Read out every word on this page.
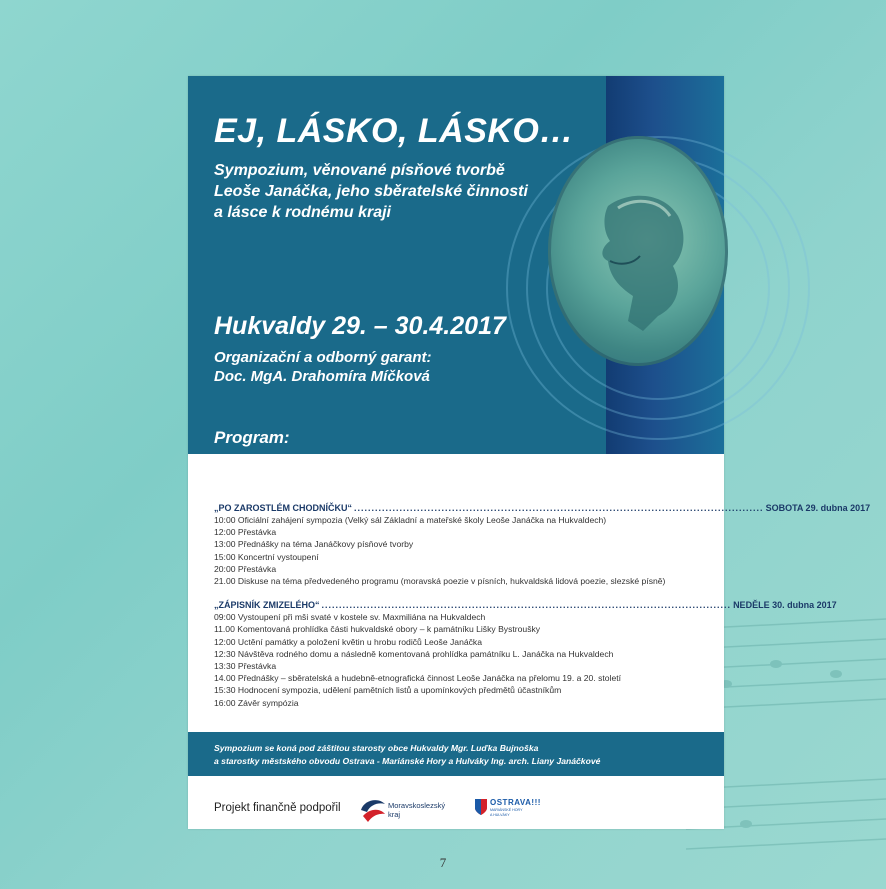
EJ, LÁSKO, LÁSKO…
Sympozium, věnované písňové tvorbě
Leoše Janáčka, jeho sběratelské činnosti
a lásce k rodnému kraji
Hukvaldy 29. – 30.4.2017
Organizační a odborný garant:
Doc. MgA. Drahomíra Míčková
Program:
„PO ZAROSTLÉM CHODNÍČKU“ ..................................................................................................................... SOBOTA 29. dubna 2017
10:00 Oficiální zahájení sympozia (Velký sál Základní a mateřské školy Leoše Janáčka na Hukvaldech)
12:00 Přestávka
13:00 Přednášky na téma Janáčkovy písňové tvorby
15:00 Koncertní vystoupení
20:00 Přestávka
21.00 Diskuse na téma předvedeného programu (moravská poezie v písních, hukvaldská lidová poezie, slezské písně)
„ZÁPISNÍK ZMIZELÉHO“ ..................................................................................................................... NEDĚLE 30. dubna 2017
09:00 Vystoupení při mši svaté v kostele sv. Maxmiliána na Hukvaldech
11.00 Komentovaná prohlídka části hukvaldské obory – k památníku Lišky Bystroušky
12:00 Uctění památky a položení květin u hrobu rodičů Leoše Janáčka
12:30 Návštěva rodného domu a následně komentovaná prohlídka památníku L. Janáčka na Hukvaldech
13:30 Přestávka
14.00 Přednášky – sběratelská a hudebně-etnografická činnost Leoše Janáčka na přelomu 19. a 20. století
15:30 Hodnocení sympozia, udělení pamětních listů a upomínkových předmětů účastníkům
16:00 Závěr sympózia
Sympozium se koná pod záštitou starosty obce Hukvaldy Mgr. Luďka Bujnoška
a starostky městského obvodu Ostrava - Mariánské Hory a Hulváky Ing. arch. Liany Janáčkové
Projekt finančně podpořil	Moravskoslezský
kraj
OSTRAVA!!!
MARIÁNSKÉ HORY
A HULVÁKY
7
